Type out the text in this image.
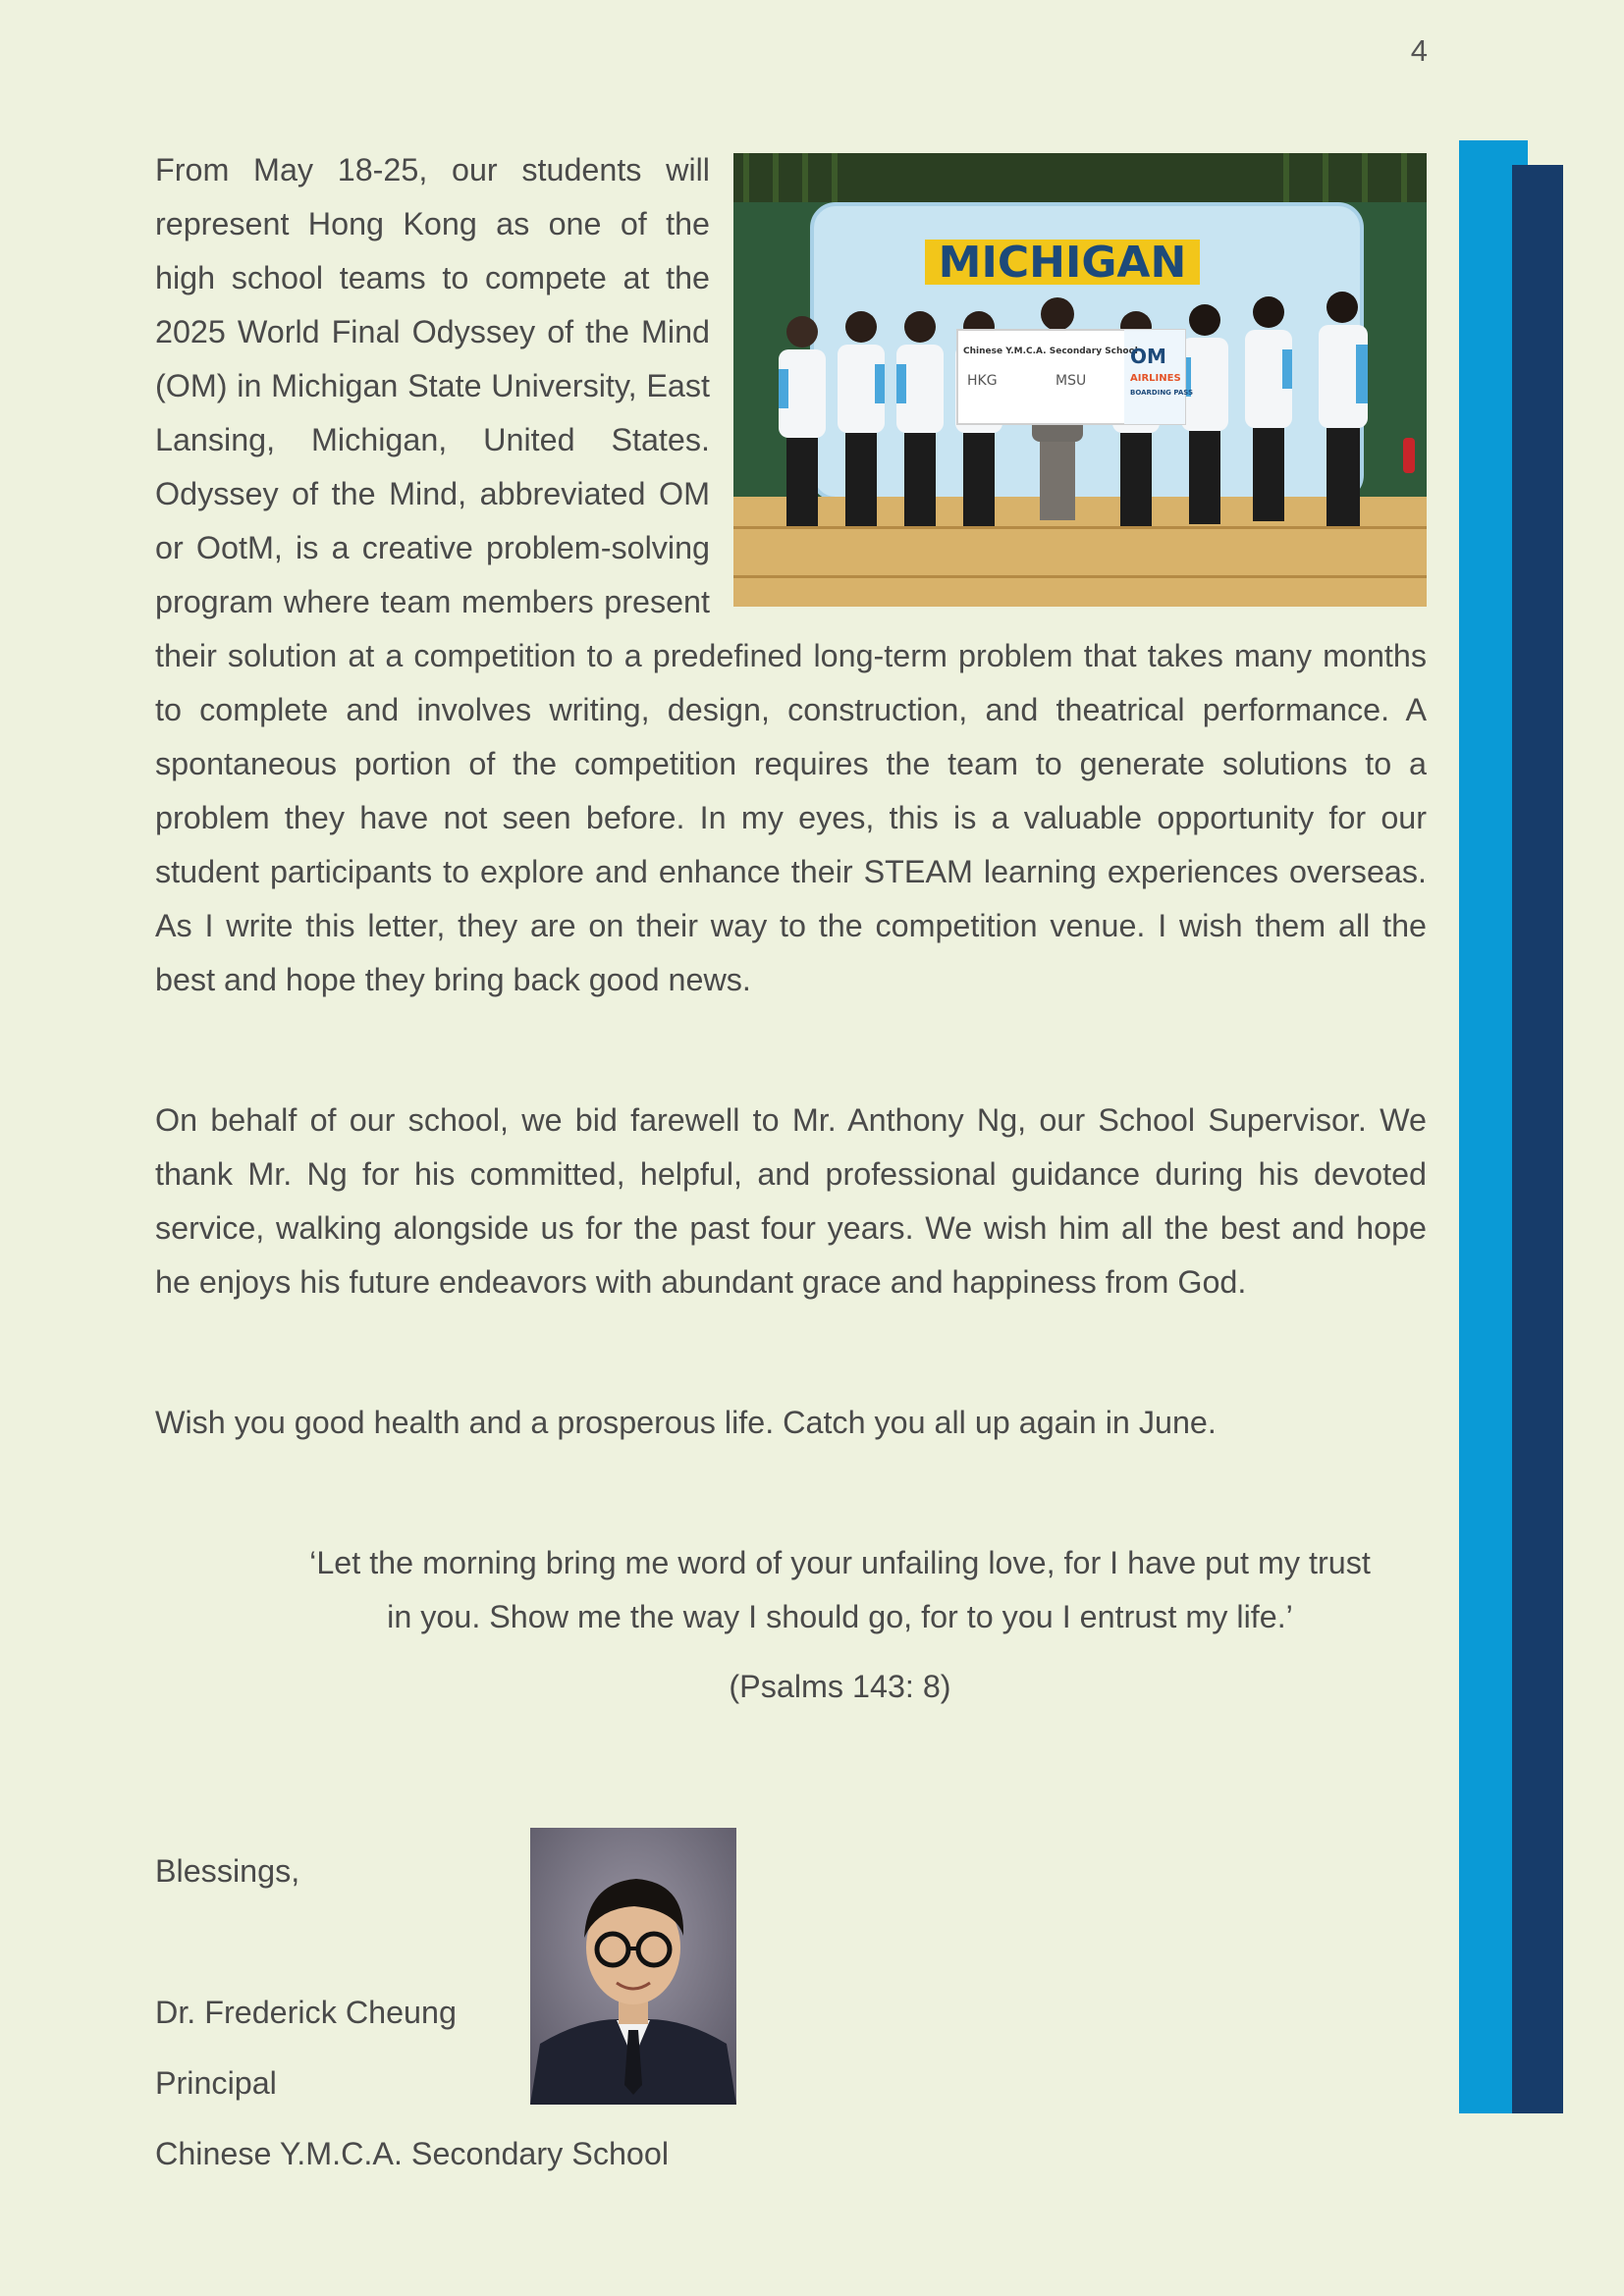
4
MICHIGAN
Chinese Y.M.C.A. Secondary School
HKG	MSU
OM
AIRLINES
BOARDING PASS

From May 18-25, our students will represent Hong Kong as one of the high school teams to compete at the 2025 World Final Odyssey of the Mind (OM) in Michigan State University, East Lansing, Michigan, United States. Odyssey of the Mind, abbreviated OM or OotM, is a creative problem-solving program where team members present their solution at a competition to a predefined long-term problem that takes many months to complete and involves writing, design, construction, and theatrical performance. A spontaneous portion of the competition requires the team to generate solutions to a problem they have not seen before. In my eyes, this is a valuable opportunity for our student participants to explore and enhance their STEAM learning experiences overseas. As I write this letter, they are on their way to the competition venue. I wish them all the best and hope they bring back good news.

On behalf of our school, we bid farewell to Mr. Anthony Ng, our School Supervisor. We thank Mr. Ng for his committed, helpful, and professional guidance during his devoted service, walking alongside us for the past four years. We wish him all the best and hope he enjoys his future endeavors with abundant grace and happiness from God.

Wish you good health and a prosperous life. Catch you all up again in June.

‘Let the morning bring me word of your unfailing love, for I have put my trust
in you. Show me the way I should go, for to you I entrust my life.’
(Psalms 143: 8)
Blessings,
Dr. Frederick Cheung
Principal
Chinese Y.M.C.A. Secondary School
